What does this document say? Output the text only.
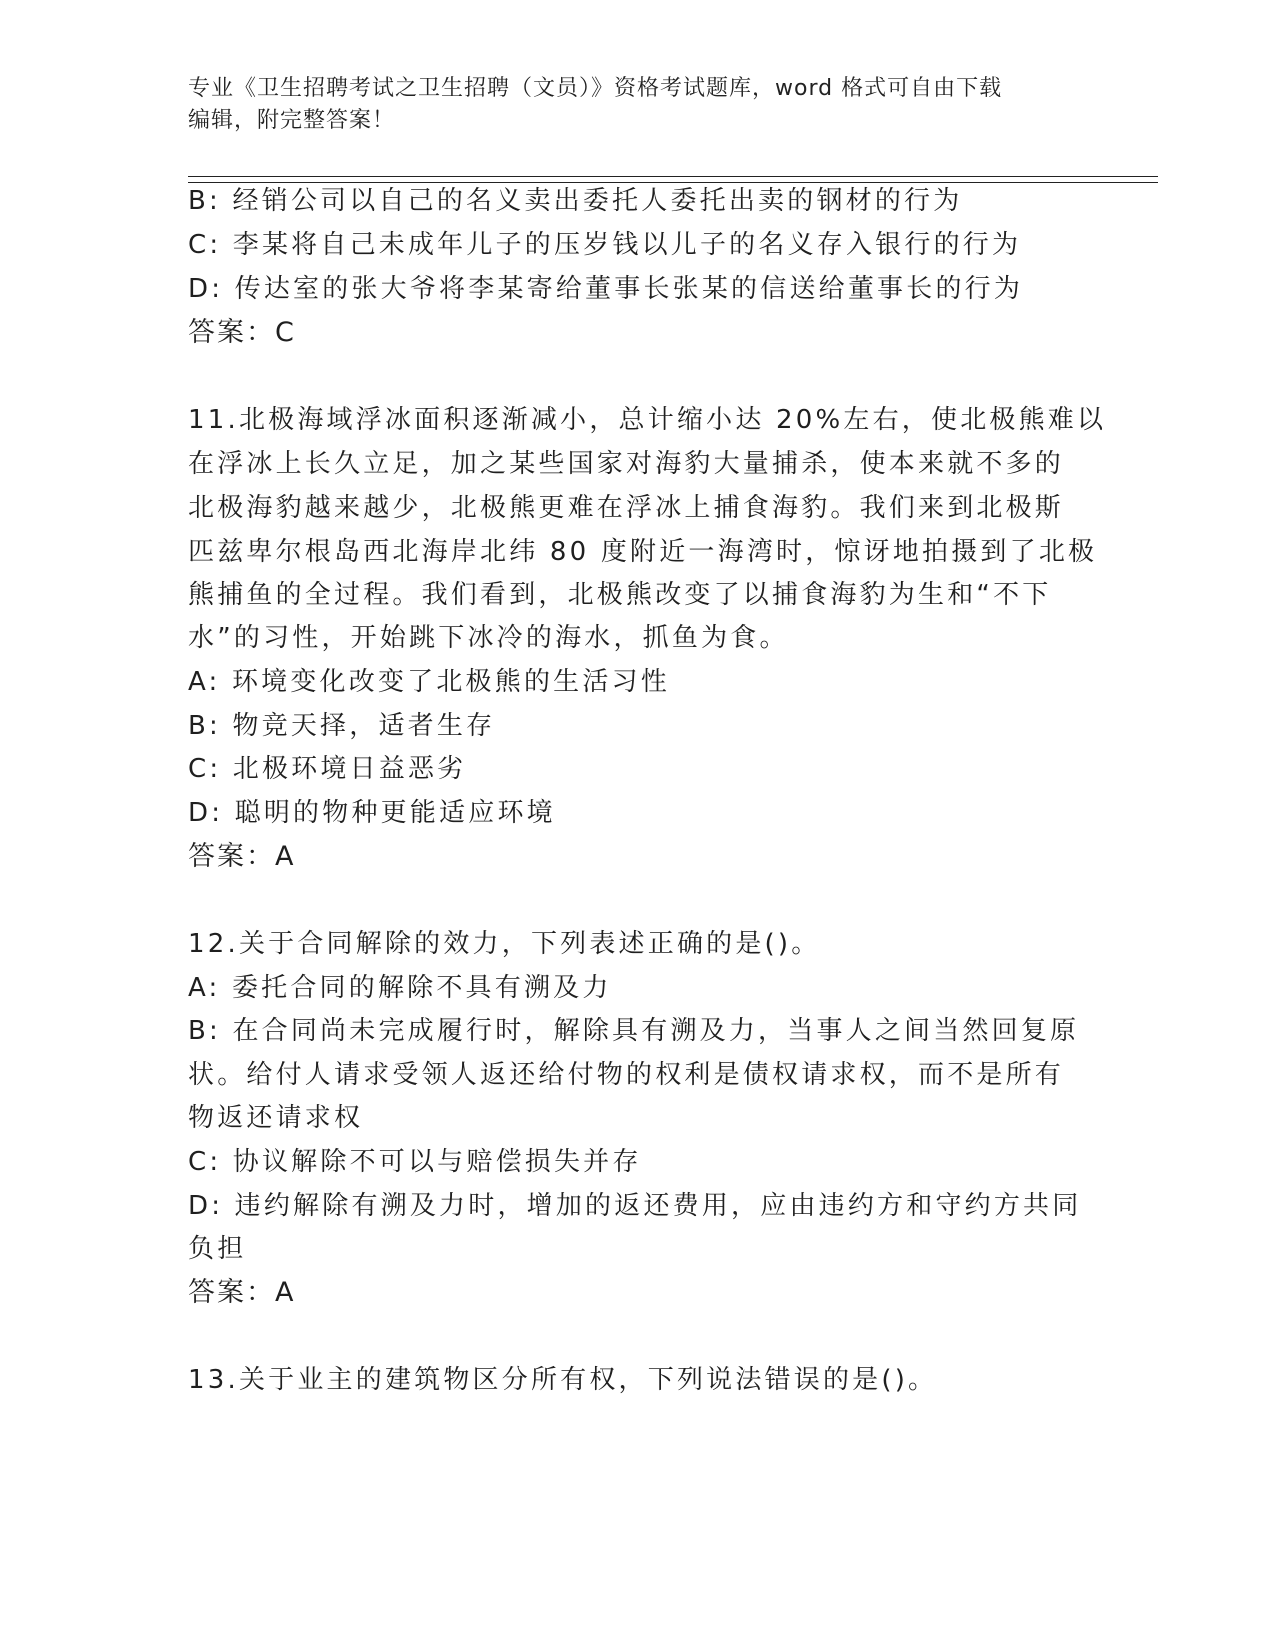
专业《卫生招聘考试之卫生招聘（文员）》资格考试题库，word 格式可自由下载
编辑，附完整答案！
B: 经销公司以自己的名义卖出委托人委托出卖的钢材的行为
C: 李某将自己未成年儿子的压岁钱以儿子的名义存入银行的行为
D: 传达室的张大爷将李某寄给董事长张某的信送给董事长的行为
答案：C
11.北极海域浮冰面积逐渐减小，总计缩小达 20%左右，使北极熊难以
在浮冰上长久立足，加之某些国家对海豹大量捕杀，使本来就不多的
北极海豹越来越少，北极熊更难在浮冰上捕食海豹。我们来到北极斯
匹兹卑尔根岛西北海岸北纬 80 度附近一海湾时，惊讶地拍摄到了北极
熊捕鱼的全过程。我们看到，北极熊改变了以捕食海豹为生和“不下
水”的习性，开始跳下冰冷的海水，抓鱼为食。
A: 环境变化改变了北极熊的生活习性
B: 物竞天择，适者生存
C: 北极环境日益恶劣
D: 聪明的物种更能适应环境
答案：A
12.关于合同解除的效力，下列表述正确的是()。
A: 委托合同的解除不具有溯及力
B: 在合同尚未完成履行时，解除具有溯及力，当事人之间当然回复原
状。给付人请求受领人返还给付物的权利是债权请求权，而不是所有
物返还请求权
C: 协议解除不可以与赔偿损失并存
D: 违约解除有溯及力时，增加的返还费用，应由违约方和守约方共同
负担
答案：A
13.关于业主的建筑物区分所有权，下列说法错误的是()。
